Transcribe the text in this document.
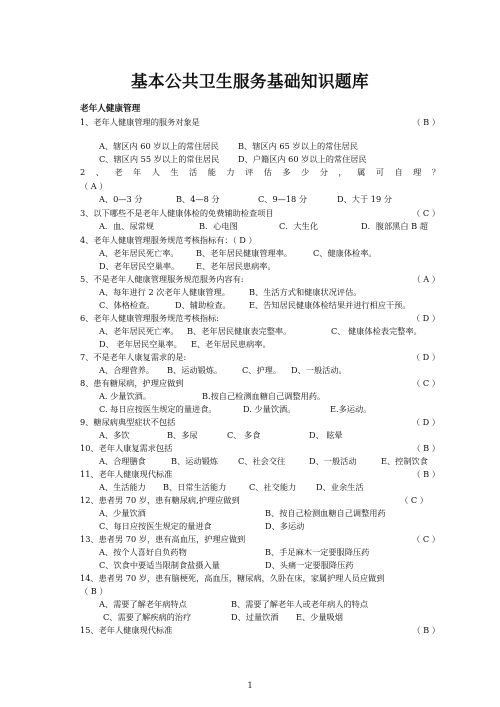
基本公共卫生服务基础知识题库
老年人健康管理
1、老年人健康管理的服务对象是	（ B ）
A、辖区内 60 岁以上的常住居民 B、辖区内 65 岁以上的常住居民
C、辖区内 55 岁以上的常住居民 D、户籍区内 60 岁以上的常住居民
2 、 老 年 人 生 活 能 力 评 估 多 少 分 ， 属 可 自 理 ？
（ A ）
A、0—3 分	B、4—8 分	C、9—18 分	D、大于 19 分
3、以下哪些不是老年人健康体检的免费辅助检查项目	（ C ）
A．血、尿常规	B．心电图	C．大生化	D．腹部黑白 B 超
4、老年人健康管理服务规范考核指标有：（ D ）
A、老年居民死亡率。 B、老年居民健康管理率。	C、健康体检率。
D、老年居民空巢率。 E、老年居民患病率。
5、不是老年人健康管理服务规范服务内容有:	（ A ）
A、每年进行 2 次老年人健康管理。 B、生活方式和健康状况评估。
C、体格检查。	D、辅助检查。 E、告知居民健康体检结果并进行相应干预。
6、老年人健康管理服务规范考核指标:	（ D ）
A、老年居民死亡率。 B、老年居民健康表完整率。	C、 健康体检表完整率。
D、 老年居民空巢率。 E、老年居民患病率。
7、不是老年人康复需求的是:	（ D ）
A、合理营养。 B、运动锻炼。 C、护理。 D、一般活动。
8、患有糖尿病，护理应做到	（ C ）
A. 少量饮酒。	B.按自己检测血糖自己调整用药。
C. 每日应按医生规定的量进食。	D. 少量饮酒。	E.多运动。
9、糖尿病典型症状不包括	（ D ）
A、多饮	B、多尿	C、 多食	D、 眩晕
10、老年人康复需求包括	（ B ）
A、合理膳食	B、运动锻炼 C、社会交往	D、一般活动	E、控制饮食
11、老年人健康现代标准	（ B ）
A、生活能力 B、日常生活能力	C、社交能力 D、业余生活
12、患者男 70 岁，患有糖尿病,护理应做到	（ C ）
A、少量饮酒	B、按自己检测血糖自己调整用药
C、每日应按医生规定的量进食	D、多运动
13、患者男 70 岁，患有高血压，护理应做到	（ C ）
A、按个人喜好自负药物	B、手足麻木一定要服降压药
C、饮食中要适当限制食盐摄入量	D、头痛一定要服降压药
14、患者男 70 岁，患有脑梗死，高血压，糖尿病，久卧在床，家属护理人员应做到
（ B ）
A、需要了解老年病特点	B、需要了解老年人或老年病人的特点
C、需要了解疾病的治疗	D、过量饮酒 E、少量吸烟
15、老年人健康现代标准	（ B ）
1
